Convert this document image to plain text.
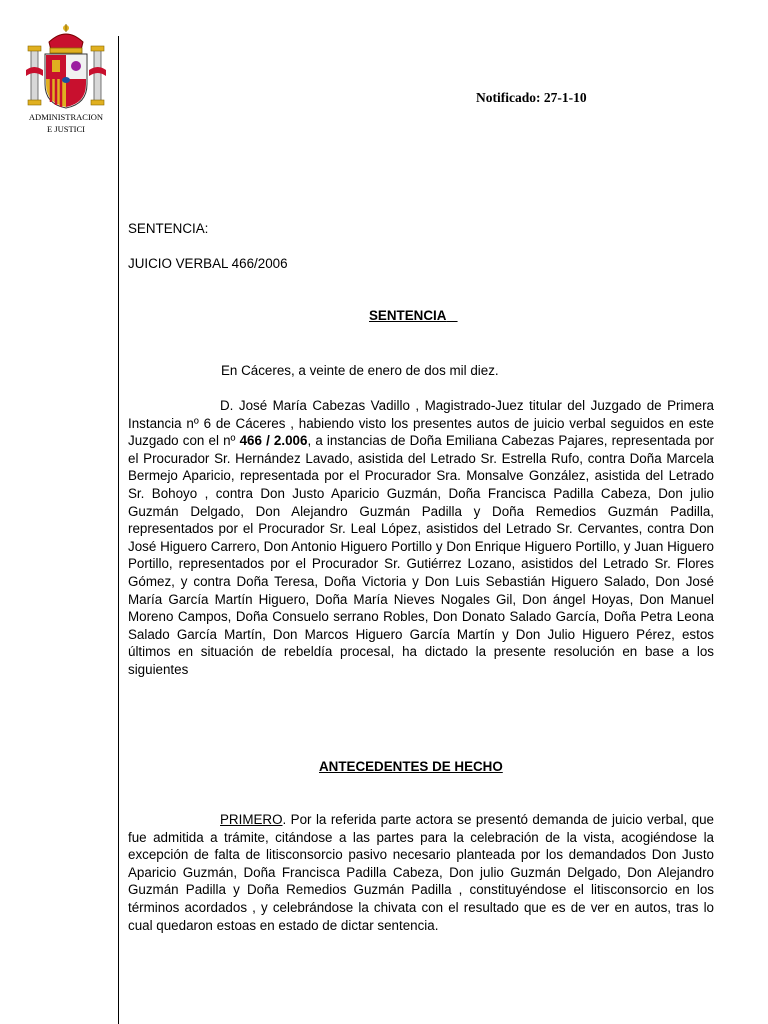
ADMINISTRACION
E JUSTICI
Notificado: 27-1-10
SENTENCIA:
JUICIO VERBAL 466/2006
SENTENCIA
En Cáceres, a veinte de enero de dos mil diez.
D. José María Cabezas Vadillo , Magistrado-Juez titular del Juzgado de Primera Instancia nº 6 de Cáceres , habiendo visto los presentes autos de juicio verbal seguidos en este Juzgado con el nº 466 / 2.006, a instancias de Doña Emiliana Cabezas Pajares, representada por el Procurador Sr. Hernández Lavado, asistida del Letrado Sr. Estrella Rufo, contra Doña Marcela Bermejo Aparicio, representada por el Procurador Sra. Monsalve González, asistida del Letrado Sr. Bohoyo , contra Don Justo Aparicio Guzmán, Doña Francisca Padilla Cabeza, Don julio Guzmán Delgado, Don Alejandro Guzmán Padilla y Doña Remedios Guzmán Padilla, representados por el Procurador Sr. Leal López, asistidos del Letrado Sr. Cervantes, contra Don José Higuero Carrero, Don Antonio Higuero Portillo y Don Enrique Higuero Portillo, y Juan Higuero Portillo, representados por el Procurador Sr. Gutiérrez Lozano, asistidos del Letrado Sr. Flores Gómez, y contra Doña Teresa, Doña Victoria y Don Luis Sebastián Higuero Salado, Don José María García Martín Higuero, Doña María Nieves Nogales Gil, Don ángel Hoyas, Don Manuel Moreno Campos, Doña Consuelo serrano Robles, Don Donato Salado García, Doña Petra Leona Salado García Martín, Don Marcos Higuero García Martín y Don Julio Higuero Pérez, estos últimos en situación de rebeldía procesal, ha dictado la presente resolución en base a los siguientes
ANTECEDENTES DE HECHO
PRIMERO. Por la referida parte actora se presentó demanda de juicio verbal, que fue admitida a trámite, citándose a las partes para la celebración de la vista, acogiéndose la excepción de falta de litisconsorcio pasivo necesario planteada por los demandados Don Justo Aparicio Guzmán, Doña Francisca Padilla Cabeza, Don julio Guzmán Delgado, Don Alejandro Guzmán Padilla y Doña Remedios Guzmán Padilla , constituyéndose el litisconsorcio en los términos acordados , y celebrándose la chivata con el resultado que es de ver en autos, tras lo cual quedaron estoas en estado de dictar sentencia.
